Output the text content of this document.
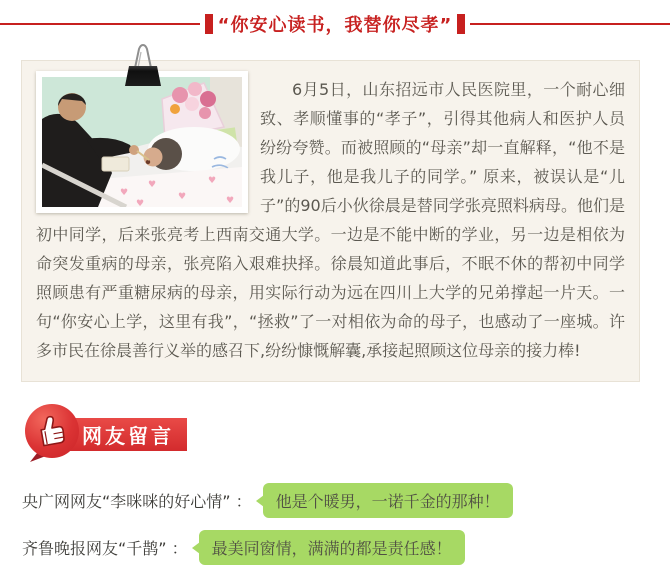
“你安心读书，我替你尽孝”
♥
♥
♥
♥
♥
♥

6月5日，山东招远市人民医院里，一个耐心细致、孝顺懂事的“孝子”，引得其他病人和医护人员纷纷夸赞。而被照顾的“母亲”却一直解释，“他不是我儿子，他是我儿子的同学。” 原来，被误认是“儿子”的90后小伙徐晨是替同学张亮照料病母。他们是初中同学，后来张亮考上西南交通大学。一边是不能中断的学业，另一边是相依为命突发重病的母亲，张亮陷入艰难抉择。徐晨知道此事后，不眠不休的帮初中同学照顾患有严重糖尿病的母亲，用实际行动为远在四川上大学的兄弟撑起一片天。一句“你安心上学，这里有我”，“拯救”了一对相依为命的母子，也感动了一座城。许多市民在徐晨善行义举的感召下,纷纷慷慨解囊,承接起照顾这位母亲的接力棒!

网友留言
央广网网友“李咪咪的好心情” ：	他是个暖男，一诺千金的那种！
齐鲁晚报网友“千鹊” ：	最美同窗情，满满的都是责任感！
